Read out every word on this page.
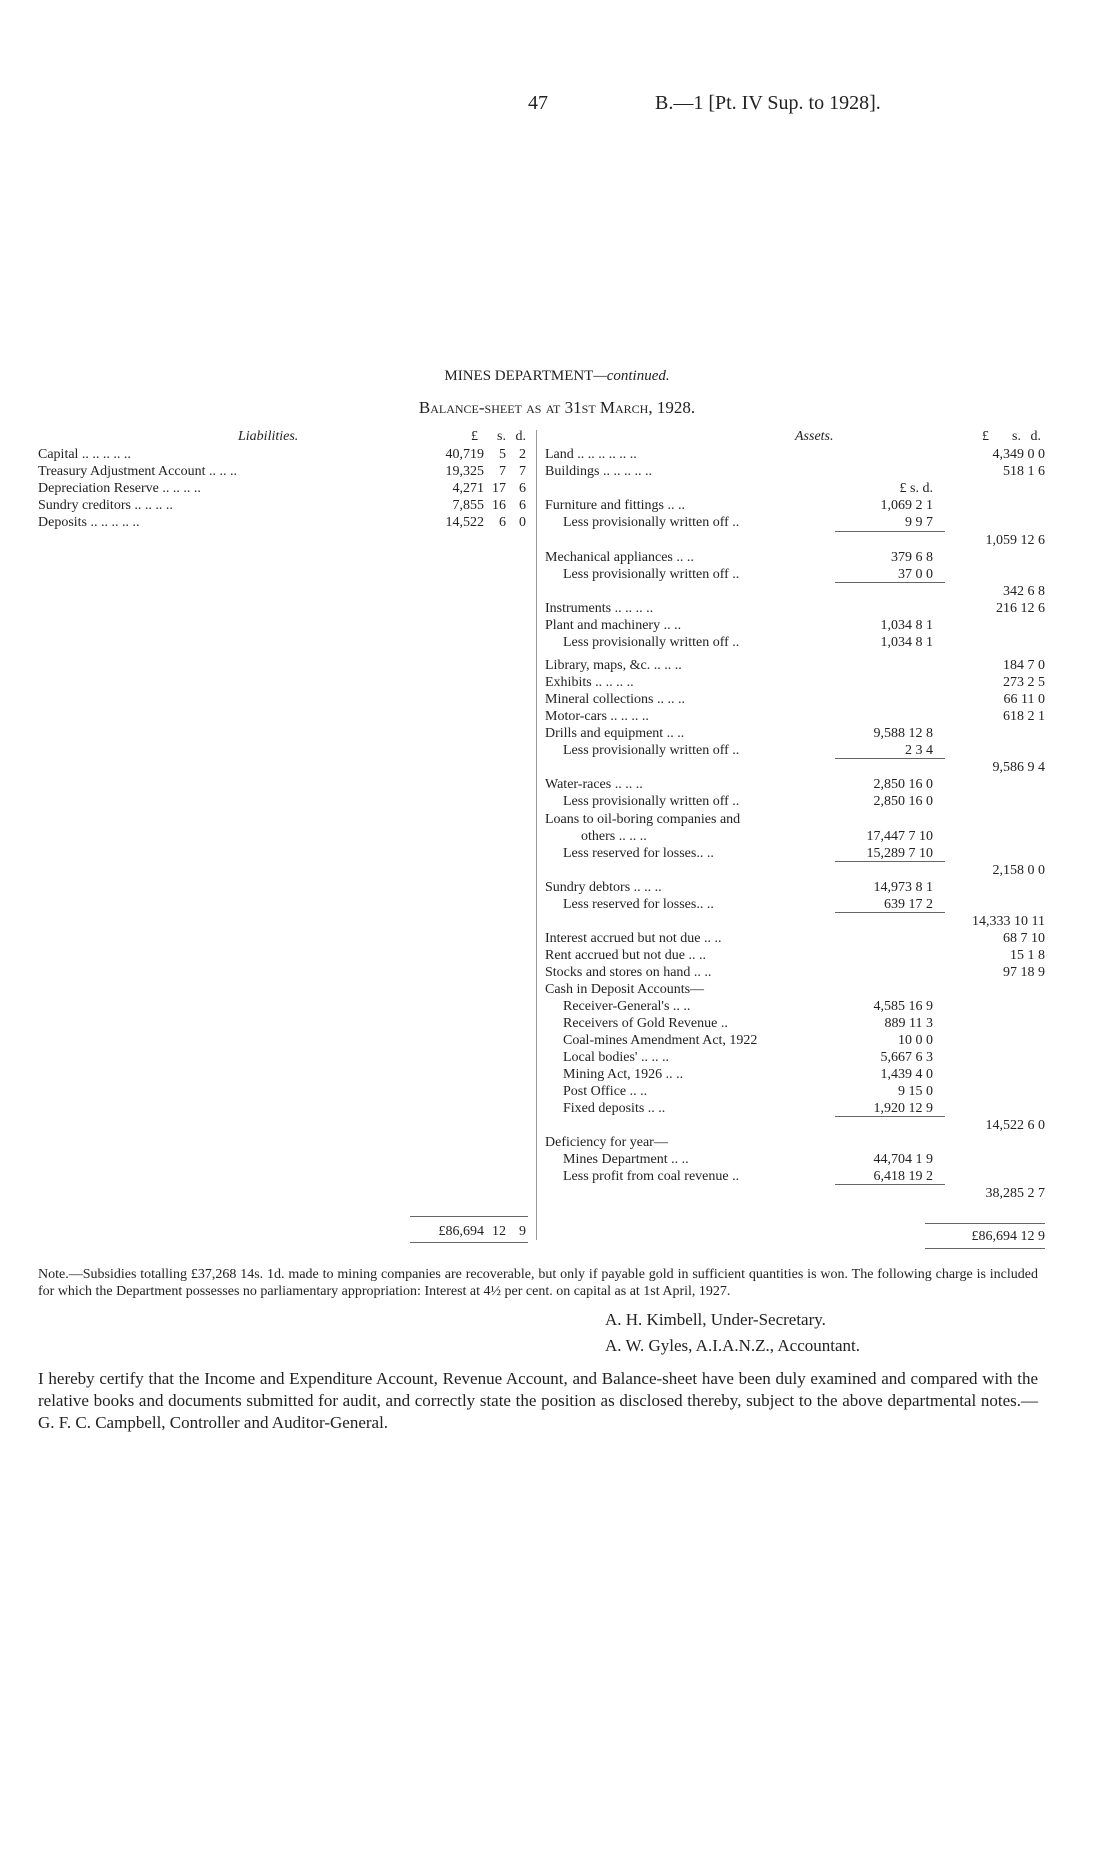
47	B.—1 [Pt. IV Sup. to 1928].
MINES DEPARTMENT—continued.
Balance-sheet as at 31st March, 1928.
Liabilities.	£ s. d.
Capital .. .. .. .. ..	40,719 5 2
Treasury Adjustment Account .. .. ..	19,325 7 7
Depreciation Reserve .. .. .. ..	4,271 17 6
Sundry creditors .. .. .. ..	7,855 16 6
Deposits .. .. .. .. ..	14,522 6 0
£86,694 12 9
Assets.	£ s. d.
Land .. .. .. .. .. ..	4,349 0 0
Buildings .. .. .. .. ..	518 1 6
£ s. d.
Furniture and fittings .. ..	1,069 2 1
Less provisionally written off ..	9 9 7
1,059 12 6
Mechanical appliances .. ..	379 6 8
Less provisionally written off ..	37 0 0
342 6 8
Instruments .. .. .. ..	216 12 6
Plant and machinery .. ..	1,034 8 1
Less provisionally written off ..	1,034 8 1
Library, maps, &c. .. .. ..	184 7 0
Exhibits .. .. .. ..	273 2 5
Mineral collections .. .. ..	66 11 0
Motor-cars .. .. .. ..	618 2 1
Drills and equipment .. ..	9,588 12 8
Less provisionally written off ..	2 3 4
9,586 9 4
Water-races .. .. ..	2,850 16 0
Less provisionally written off ..	2,850 16 0
Loans to oil-boring companies and
others .. .. ..	17,447 7 10
Less reserved for losses.. ..	15,289 7 10
2,158 0 0
Sundry debtors .. .. ..	14,973 8 1
Less reserved for losses.. ..	639 17 2
14,333 10 11
Interest accrued but not due .. ..	68 7 10
Rent accrued but not due .. ..	15 1 8
Stocks and stores on hand .. ..	97 18 9
Cash in Deposit Accounts—
Receiver-General's .. ..	4,585 16 9
Receivers of Gold Revenue ..	889 11 3
Coal-mines Amendment Act, 1922	10 0 0
Local bodies' .. .. ..	5,667 6 3
Mining Act, 1926 .. ..	1,439 4 0
Post Office .. ..	9 15 0
Fixed deposits .. ..	1,920 12 9
14,522 6 0
Deficiency for year—
Mines Department .. ..	44,704 1 9
Less profit from coal revenue ..	6,418 19 2
38,285 2 7
£86,694 12 9
Note.—Subsidies totalling £37,268 14s. 1d. made to mining companies are recoverable, but only if payable gold in sufficient quantities is won. The following charge is included for which the Department possesses no parliamentary appropriation: Interest at 4½ per cent. on capital as at 1st April, 1927.
A. H. Kimbell, Under-Secretary.
A. W. Gyles, A.I.A.N.Z., Accountant.
I hereby certify that the Income and Expenditure Account, Revenue Account, and Balance-sheet have been duly examined and compared with the relative books and documents submitted for audit, and correctly state the position as disclosed thereby, subject to the above departmental notes.—G. F. C. Campbell, Controller and Auditor-General.
